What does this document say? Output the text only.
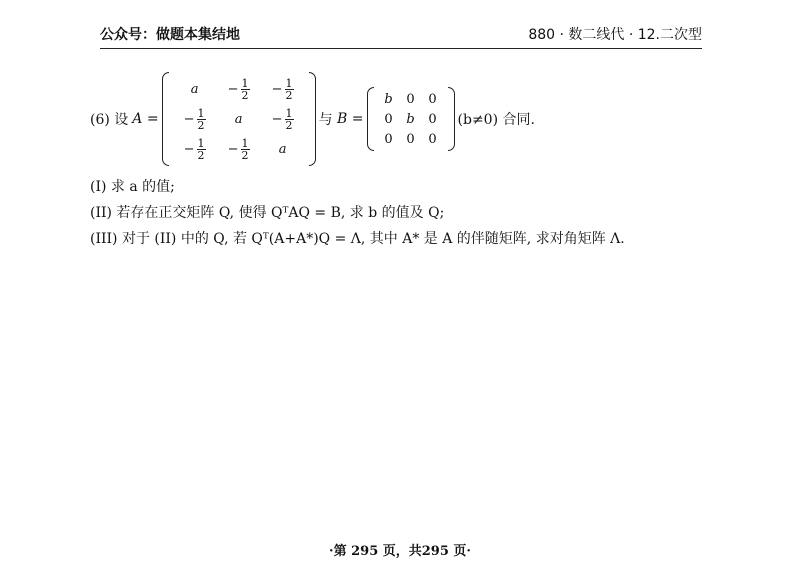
公众号：做题本集结地	880 · 数二线代 · 12.二次型
(6) 设 A =
$a - \frac{1}{2} - \frac{1}{2}$
− $\frac{1}{2}$ $a - \frac{1}{2}$
− $\frac{1}{2} - \frac{1}{2}$ a
与
B =
b 0 0
0 b 0
0 0 0
(b≠0) 合同.
(I) 求 a 的值;
(II) 若存在正交矩阵 Q, 使得 QᵀAQ = B, 求 b 的值及 Q;
(III) 对于 (II) 中的 Q, 若 Qᵀ(A+A*)Q = Λ, 其中 A* 是 A 的伴随矩阵, 求对角矩阵 Λ.
·第 295 页，共295 页·
